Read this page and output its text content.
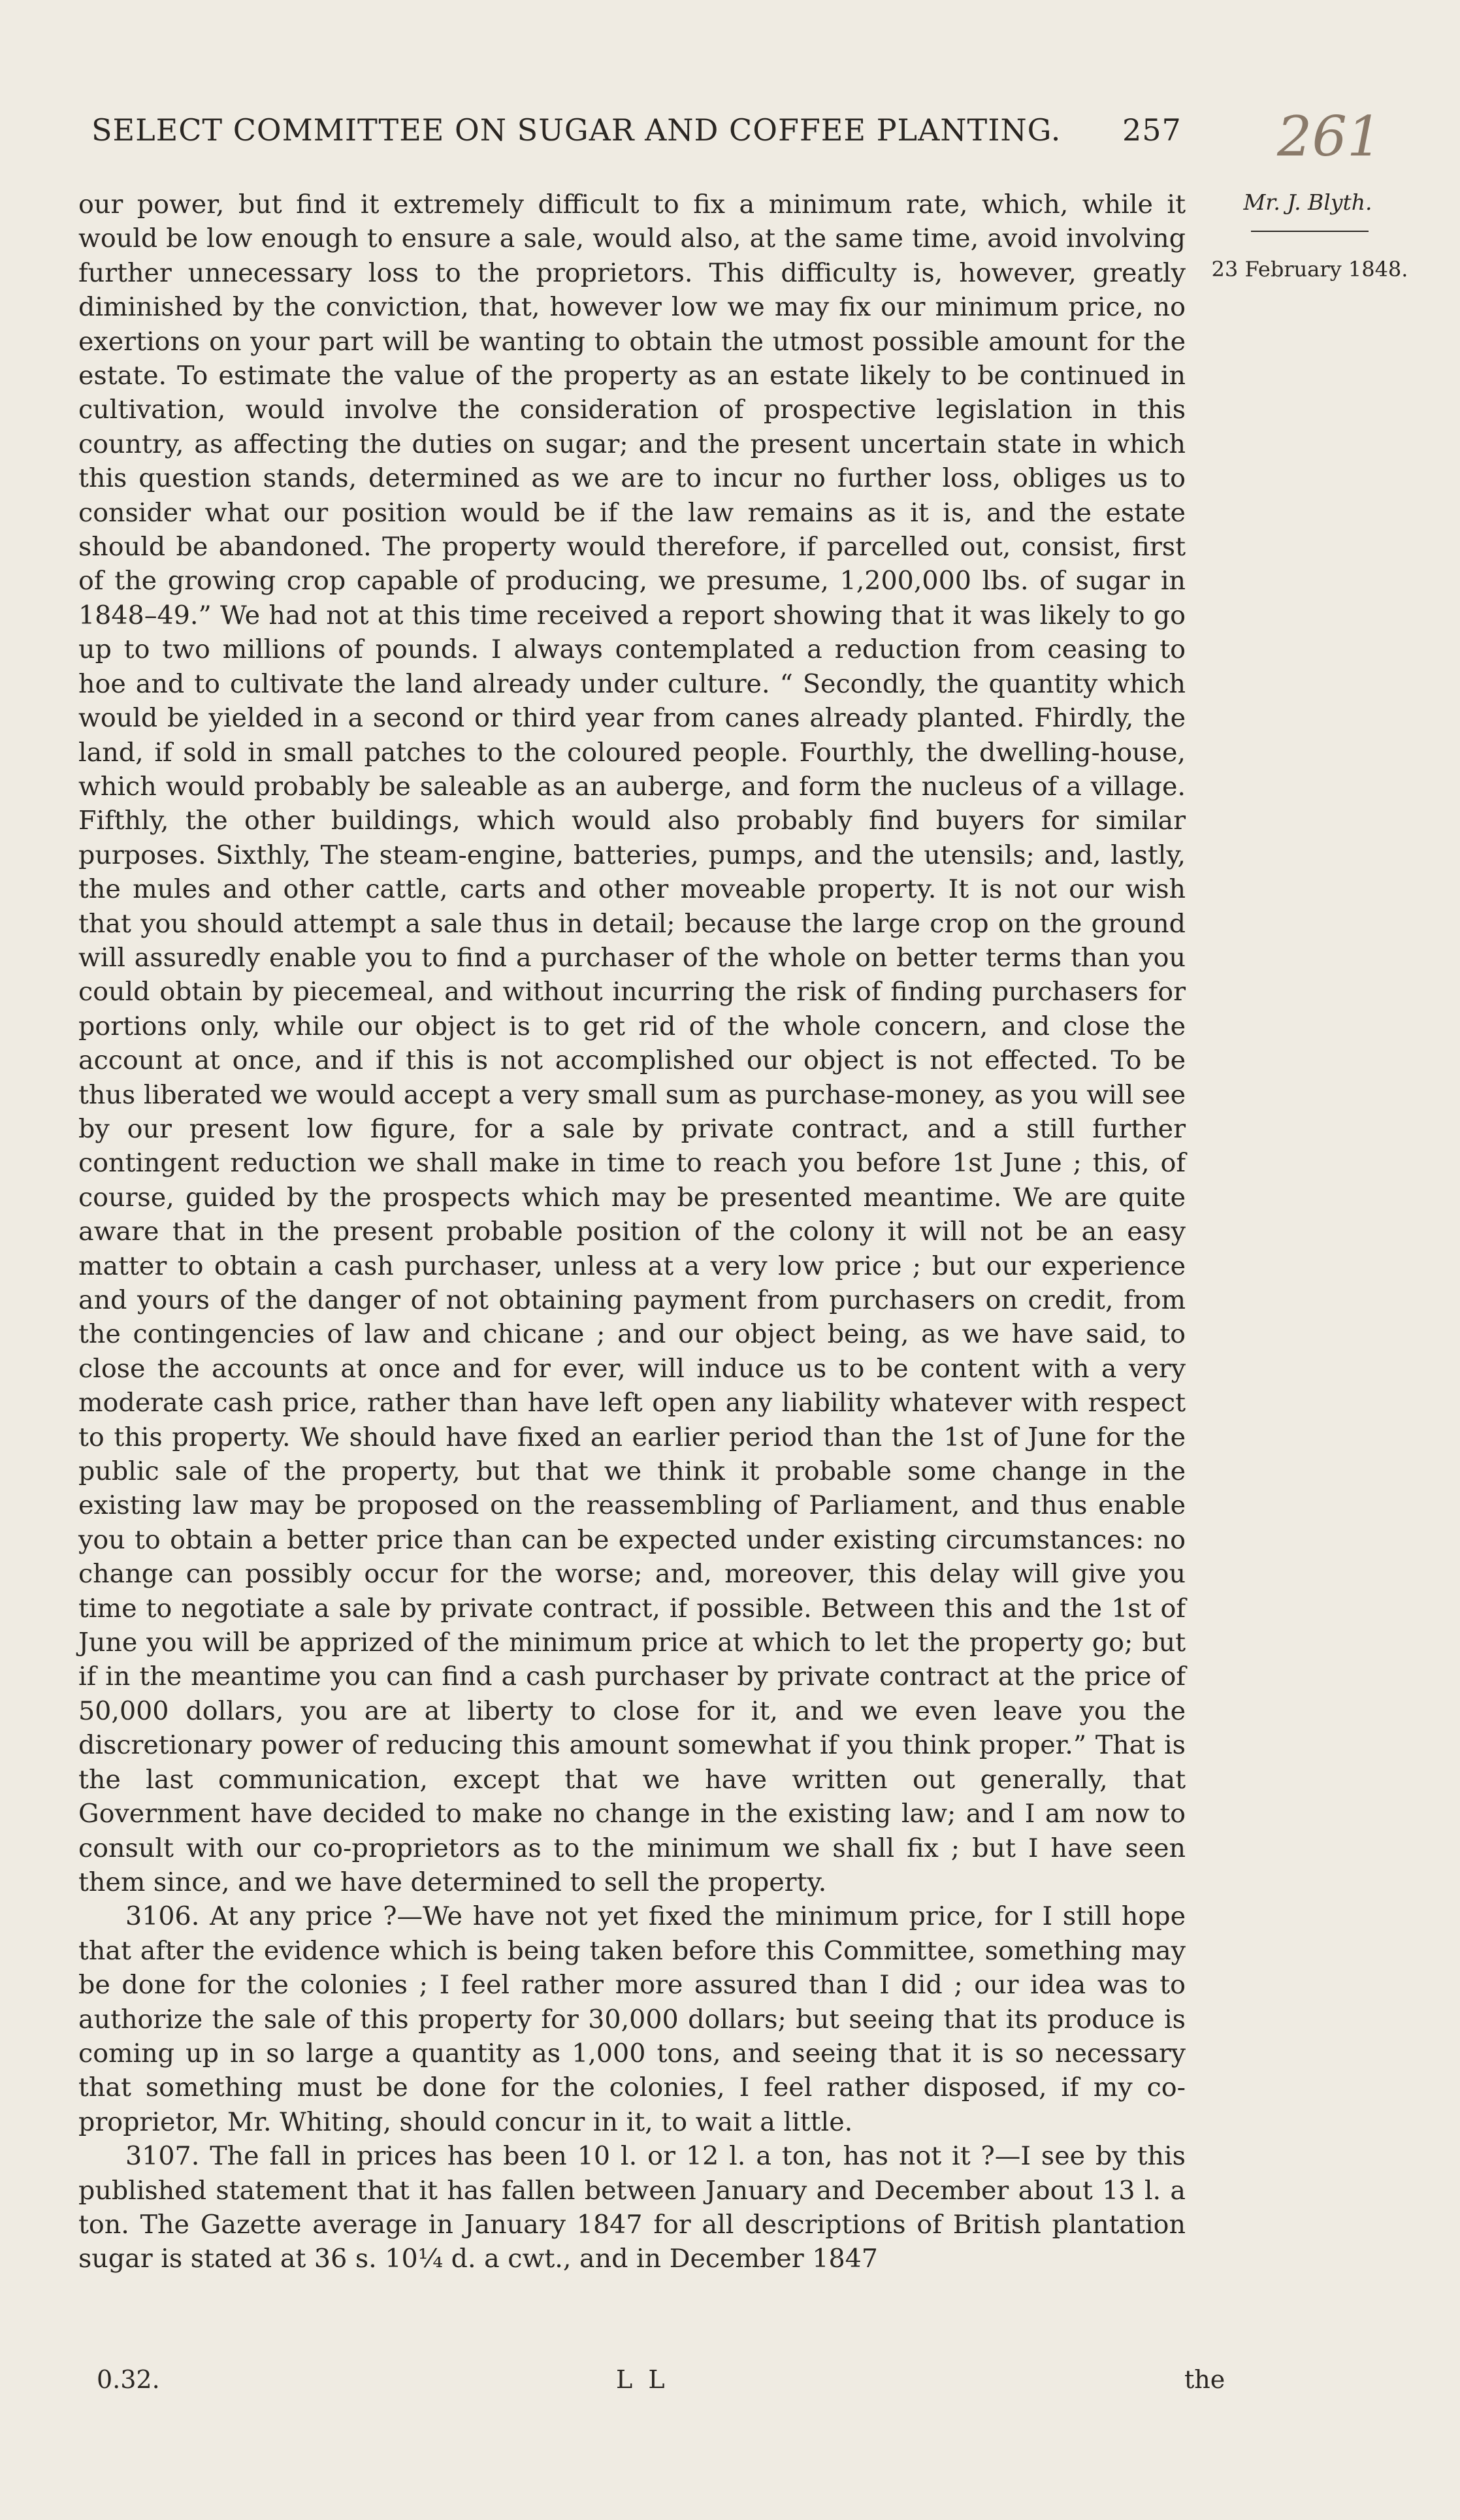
SELECT COMMITTEE ON SUGAR AND COFFEE PLANTING. 257 261
Mr. J. Blyth.
23 February 1848.

our power, but find it extremely difficult to fix a minimum rate, which, while it would be low enough to ensure a sale, would also, at the same time, avoid involving further unnecessary loss to the proprietors. This difficulty is, however, greatly diminished by the conviction, that, however low we may fix our minimum price, no exertions on your part will be wanting to obtain the utmost possible amount for the estate. To estimate the value of the property as an estate likely to be continued in cultivation, would involve the consideration of prospective legislation in this country, as affecting the duties on sugar; and the present uncertain state in which this question stands, determined as we are to incur no further loss, obliges us to consider what our position would be if the law remains as it is, and the estate should be abandoned. The property would therefore, if parcelled out, consist, first of the growing crop capable of producing, we presume, 1,200,000 lbs. of sugar in 1848–49.” We had not at this time received a report showing that it was likely to go up to two millions of pounds. I always contemplated a reduction from ceasing to hoe and to cultivate the land already under culture. “ Secondly, the quantity which would be yielded in a second or third year from canes already planted. Fhirdly, the land, if sold in small patches to the coloured people. Fourthly, the dwelling-house, which would probably be saleable as an auberge, and form the nucleus of a village. Fifthly, the other buildings, which would also probably find buyers for similar purposes. Sixthly, The steam-engine, batteries, pumps, and the utensils; and, lastly, the mules and other cattle, carts and other moveable property. It is not our wish that you should attempt a sale thus in detail; because the large crop on the ground will assuredly enable you to find a purchaser of the whole on better terms than you could obtain by piecemeal, and without incurring the risk of finding purchasers for portions only, while our object is to get rid of the whole concern, and close the account at once, and if this is not accomplished our object is not effected. To be thus liberated we would accept a very small sum as purchase-money, as you will see by our present low figure, for a sale by private contract, and a still further contingent reduction we shall make in time to reach you before 1st June ; this, of course, guided by the prospects which may be presented meantime. We are quite aware that in the present probable position of the colony it will not be an easy matter to obtain a cash purchaser, unless at a very low price ; but our experience and yours of the danger of not obtaining payment from purchasers on credit, from the contingencies of law and chicane ; and our object being, as we have said, to close the accounts at once and for ever, will induce us to be content with a very moderate cash price, rather than have left open any liability whatever with respect to this property. We should have fixed an earlier period than the 1st of June for the public sale of the property, but that we think it probable some change in the existing law may be proposed on the reassembling of Parliament, and thus enable you to obtain a better price than can be expected under existing circumstances: no change can possibly occur for the worse; and, moreover, this delay will give you time to negotiate a sale by private contract, if possible. Between this and the 1st of June you will be apprized of the minimum price at which to let the property go; but if in the meantime you can find a cash purchaser by private contract at the price of 50,000 dollars, you are at liberty to close for it, and we even leave you the discretionary power of reducing this amount somewhat if you think proper.” That is the last communication, except that we have written out generally, that Government have decided to make no change in the existing law; and I am now to consult with our co-proprietors as to the minimum we shall fix ; but I have seen them since, and we have determined to sell the property.

3106. At any price ?—We have not yet fixed the minimum price, for I still hope that after the evidence which is being taken before this Committee, something may be done for the colonies ; I feel rather more assured than I did ; our idea was to authorize the sale of this property for 30,000 dollars; but seeing that its produce is coming up in so large a quantity as 1,000 tons, and seeing that it is so necessary that something must be done for the colonies, I feel rather disposed, if my co-proprietor, Mr. Whiting, should concur in it, to wait a little.

3107. The fall in prices has been 10 l. or 12 l. a ton, has not it ?—I see by this published statement that it has fallen between January and December about 13 l. a ton. The Gazette average in January 1847 for all descriptions of British plantation sugar is stated at 36 s. 10¼ d. a cwt., and in December 1847

0.32.	L L	the
